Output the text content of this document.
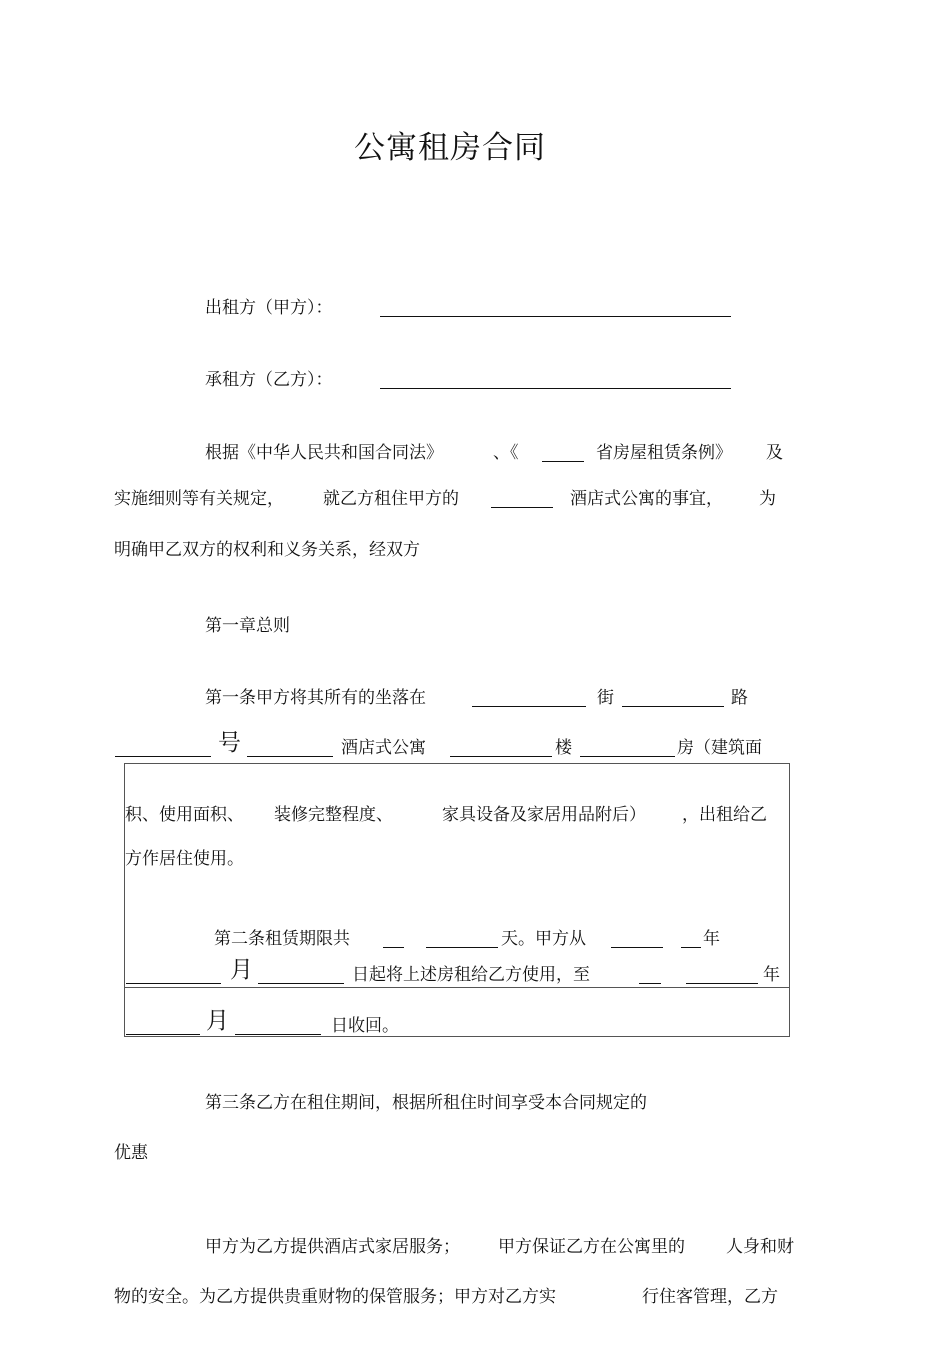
公寓租房合同
出租方（甲方）：
承租方（乙方）：
根据《中华人民共和国合同法》	、《	省房屋租赁条例》 及
实施细则等有关规定， 就乙方租住甲方的	酒店式公寓的事宜， 为
明确甲乙双方的权利和义务关系，经双方
第一章总则
第一条甲方将其所有的坐落在	街	路
号	酒店式公寓	楼	房（建筑面
积、使用面积、 装修完整程度、	家具设备及家居用品附后） ，出租给乙
方作居住使用。
第二条租赁期限共	天。甲方从	年
月	日起将上述房租给乙方使用，至	年
月	日收回。
第三条乙方在租住期间，根据所租住时间享受本合同规定的
优惠
甲方为乙方提供酒店式家居服务； 甲方保证乙方在公寓里的 人身和财
物的安全。为乙方提供贵重财物的保管服务；甲方对乙方实	行住客管理，乙方
